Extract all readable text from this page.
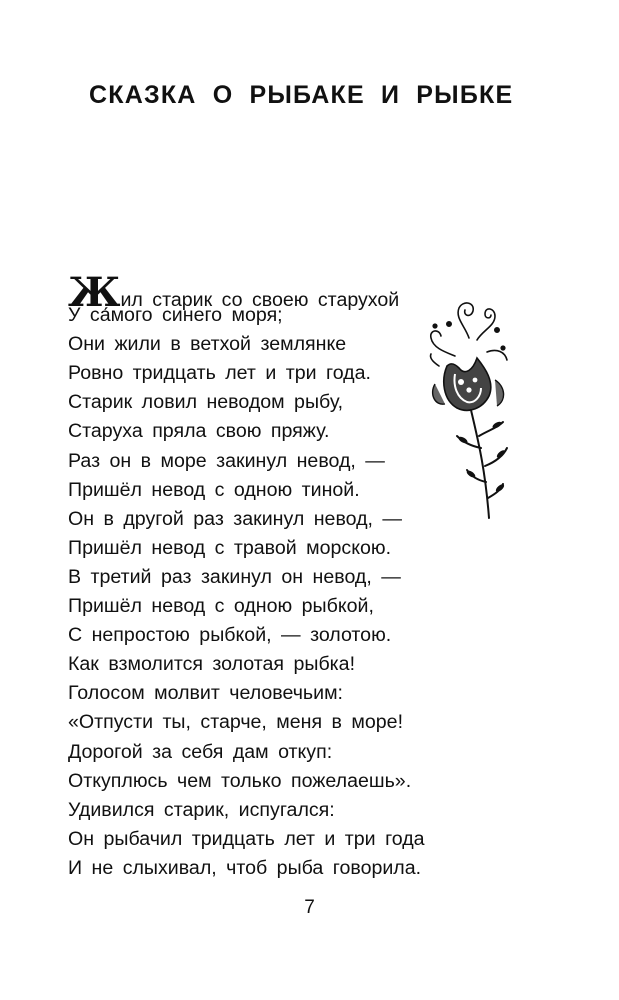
СКАЗКА О РЫБАКЕ И РЫБКЕ
Жил старик со своею старухой
У са́мого синего моря;
Они жили в ветхой землянке
Ровно тридцать лет и три года.
Старик ловил неводом рыбу,
Старуха пряла свою пряжу.
Раз он в море закинул невод, —
Пришёл невод с одною тиной.
Он в другой раз закинул невод, —
Пришёл невод с травой морскою.
В третий раз закинул он невод, —
Пришёл невод с одною рыбкой,
С непростою рыбкой, — золотою.
Как взмолится золотая рыбка!
Голосом молвит человечьим:
«Отпусти ты, старче, меня в море!
Дорогой за себя дам откуп:
Откуплюсь чем только пожелаешь».
Удивился старик, испугался:
Он рыбачил тридцать лет и три года
И не слыхивал, чтоб рыба говорила.
7
